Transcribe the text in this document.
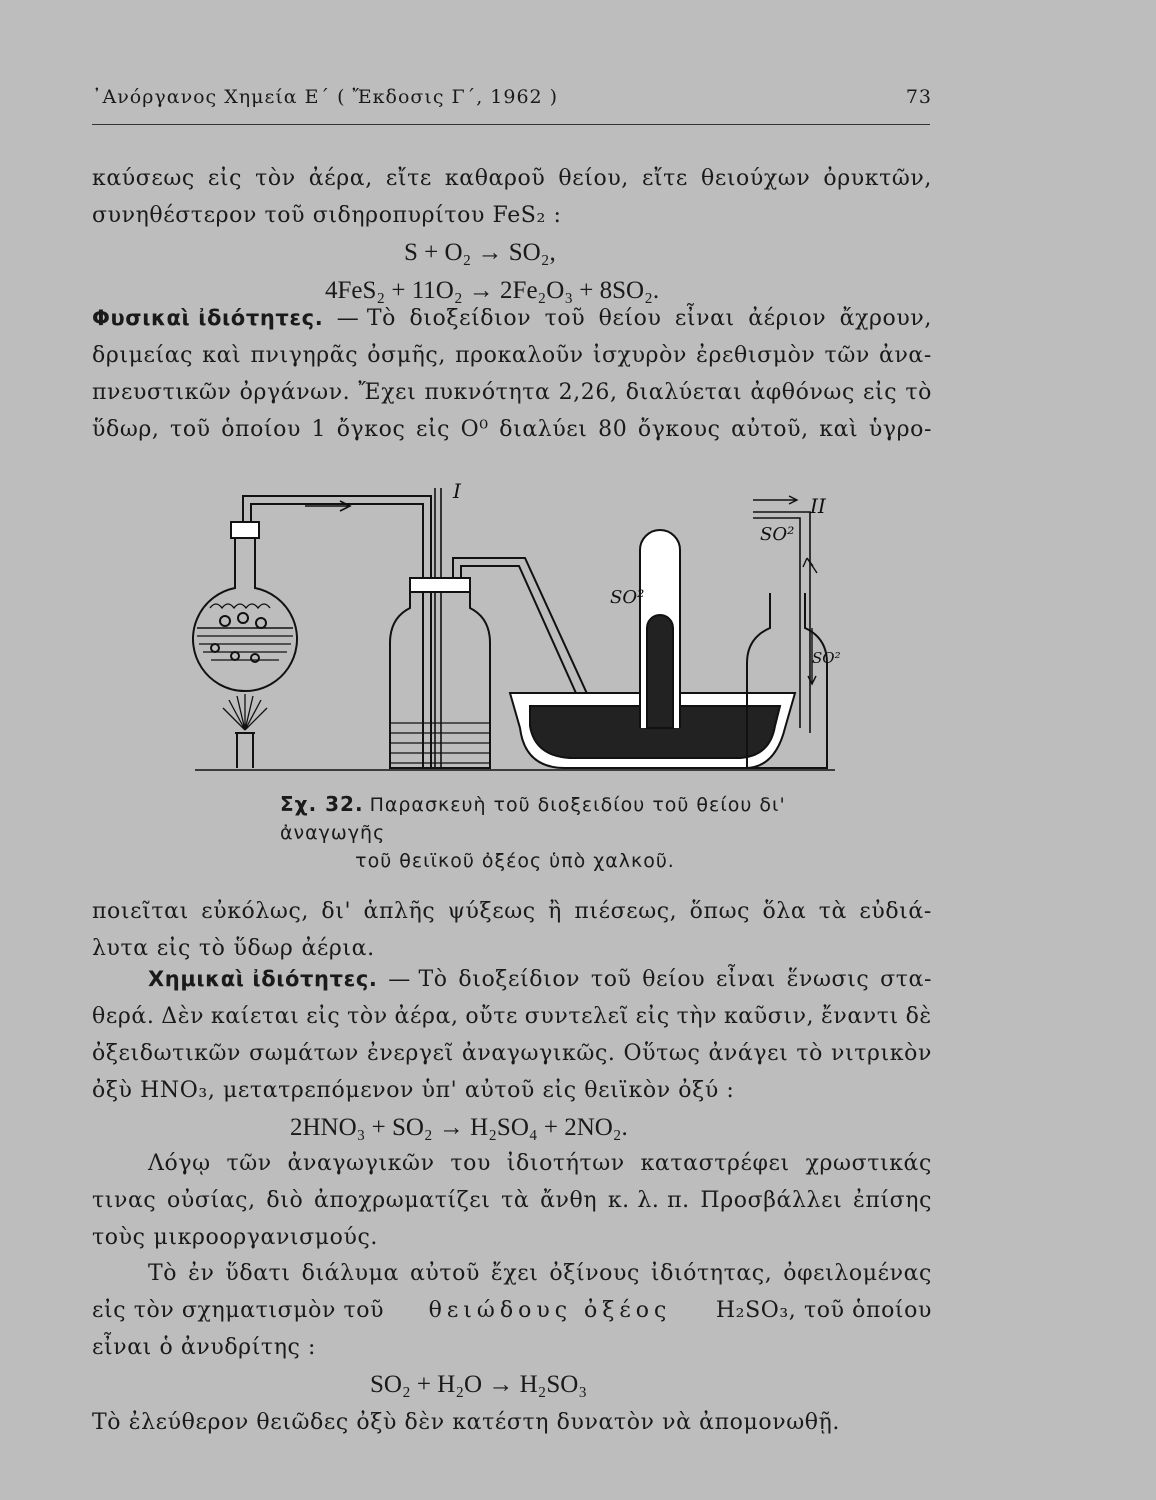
᾿Ανόργανος Χημεία Ε΄ ( Ἔκδοσις Γ΄, 1962 )	73
καύσεως εἰς τὸν ἀέρα, εἴτε καθαροῦ θείου, εἴτε θειούχων ὀρυκτῶν,
συνηθέστερον τοῦ σιδηροπυρίτου FeS₂ :
S + O₂ → SO₂,
4FeS₂ + 11O₂ → 2Fe₂O₃ + 8SO₂.
Φυσικαὶ ἰδιότητες. — Τὸ διοξείδιον τοῦ θείου εἶναι ἀέριον ἄχρουν,
δριμείας καὶ πνιγηρᾶς ὀσμῆς, προκαλοῦν ἰσχυρὸν ἐρεθισμὸν τῶν ἀνα-
πνευστικῶν ὀργάνων. Ἔχει πυκνότητα 2,26, διαλύεται ἀφθόνως εἰς τὸ
ὕδωρ, τοῦ ὁποίου 1 ὄγκος εἰς O⁰ διαλύει 80 ὄγκους αὐτοῦ, καὶ ὑγρο-
I
II
SO²
SO²
SO²
Σχ. 32. Παρασκευὴ τοῦ διοξειδίου τοῦ θείου δι' ἀναγωγῆς
τοῦ θειϊκοῦ ὀξέος ὑπὸ χαλκοῦ.
ποιεῖται εὐκόλως, δι' ἁπλῆς ψύξεως ἢ πιέσεως, ὅπως ὅλα τὰ εὐδιά-
λυτα εἰς τὸ ὕδωρ ἀέρια.
Χημικαὶ ἰδιότητες. — Τὸ διοξείδιον τοῦ θείου εἶναι ἕνωσις στα-
θερά. Δὲν καίεται εἰς τὸν ἀέρα, οὔτε συντελεῖ εἰς τὴν καῦσιν, ἔναντι δὲ
ὀξειδωτικῶν σωμάτων ἐνεργεῖ ἀναγωγικῶς. Οὕτως ἀνάγει τὸ νιτρικὸν
ὀξὺ HNO₃, μετατρεπόμενον ὑπ' αὐτοῦ εἰς θειϊκὸν ὀξύ :
2HNO₃ + SO₂ → H₂SO₄ + 2NO₂.
Λόγῳ τῶν ἀναγωγικῶν του ἰδιοτήτων καταστρέφει χρωστικάς
τινας οὐσίας, διὸ ἀποχρωματίζει τὰ ἄνθη κ. λ. π. Προσβάλλει ἐπίσης
τοὺς μικροοργανισμούς.
Τὸ ἐν ὕδατι διάλυμα αὐτοῦ ἔχει ὀξίνους ἰδιότητας, ὀφειλομένας
εἰς τὸν σχηματισμὸν τοῦ θειώδους ὀξέος H₂SO₃, τοῦ ὁποίου
εἶναι ὁ ἀνυδρίτης :
SO₂ + H₂O → H₂SO₃
Τὸ ἐλεύθερον θειῶδες ὀξὺ δὲν κατέστη δυνατὸν νὰ ἀπομονωθῇ.
